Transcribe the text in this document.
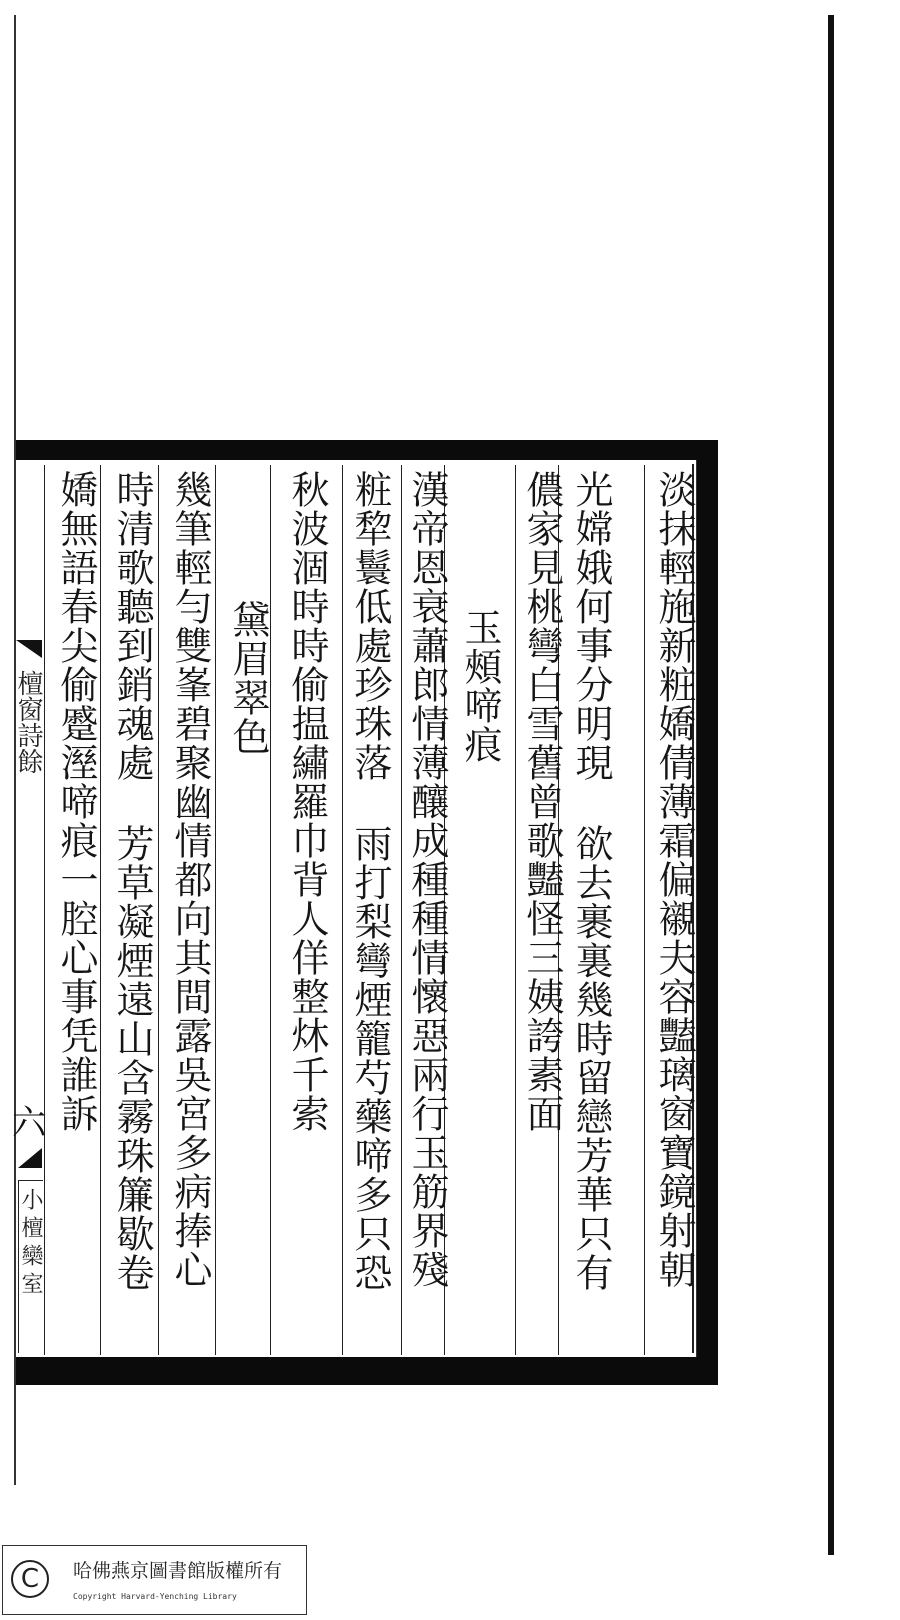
淡抹輕施新粧嬌倩薄霜偏襯夫容豔璃窗寶鏡射朝
光嫦娥何事分明現欲去裹裏幾時留戀芳華只有
儂家見桃彎白雪舊曾歌豔怪三姨誇素面
玉頰啼痕
漢帝恩衰蕭郎情薄釀成種種情懷惡兩行玉筋界殘
粧犂鬟低處珍珠落雨打梨彎煙籠芍藥啼多只恐
秋波涸時時偷揾繡羅巾背人佯整炑千索
黛眉翠色
幾筆輕勻雙峯碧聚幽情都向其間露吳宮多病捧心
時清歌聽到銷魂處芳草凝煙遠山含霧珠簾歇卷
嬌無語春尖偷蹙溼啼痕一腔心事凭誰訴
檀窗詩餘
六
小檀欒室
C	哈佛燕京圖書館版權所有
Copyright Harvard-Yenching Library
